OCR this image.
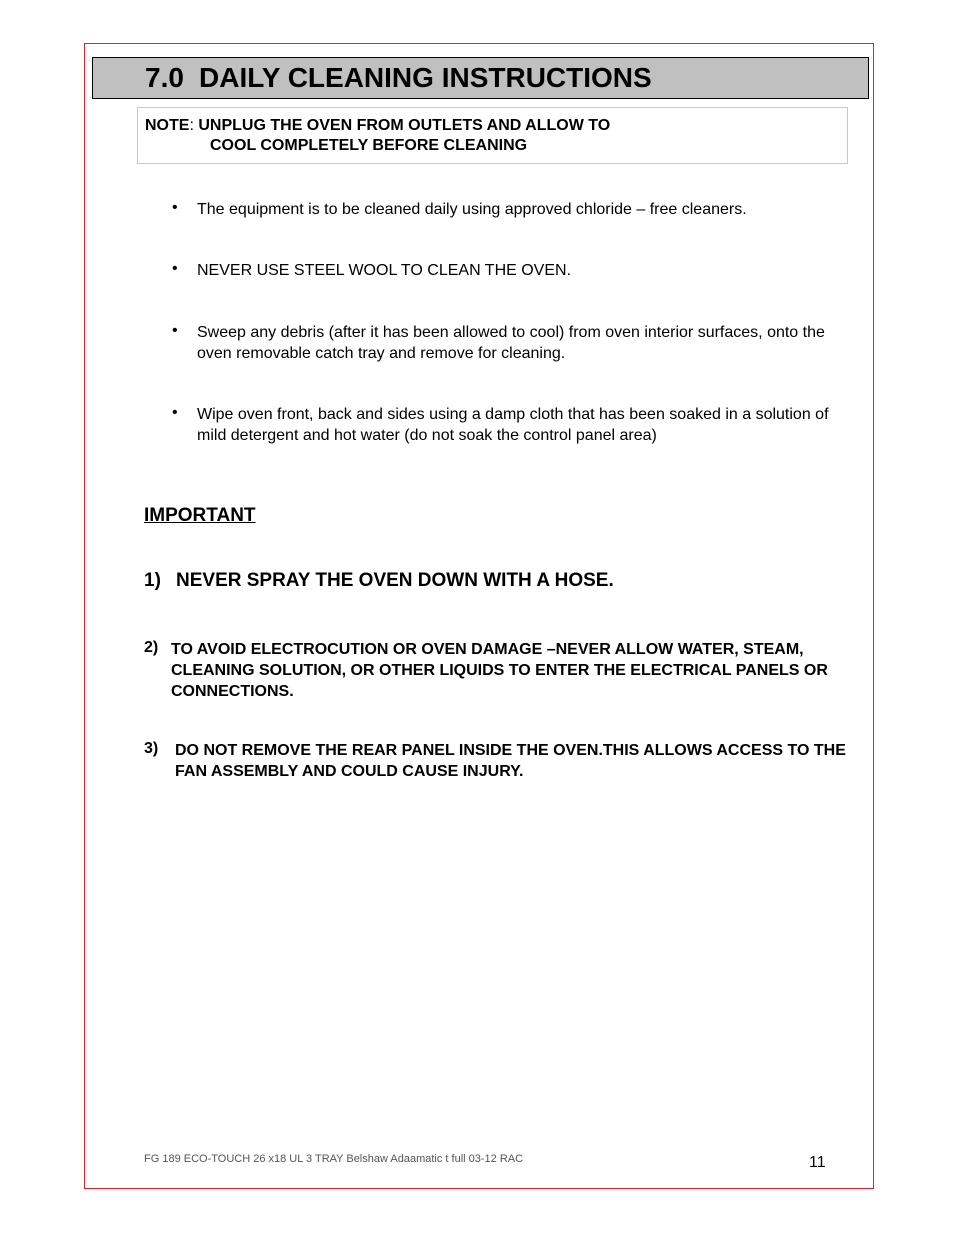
7.0 DAILY CLEANING INSTRUCTIONS
NOTE: UNPLUG THE OVEN FROM OUTLETS AND ALLOW TO
COOL COMPLETELY BEFORE CLEANING
• The equipment is to be cleaned daily using approved chloride – free cleaners.
• NEVER USE STEEL WOOL TO CLEAN THE OVEN.
• Sweep any debris (after it has been allowed to cool) from oven interior surfaces, onto the oven removable catch tray and remove for cleaning.
• Wipe oven front, back and sides using a damp cloth that has been soaked in a solution of mild detergent and hot water (do not soak the control panel area)
IMPORTANT
1) NEVER SPRAY THE OVEN DOWN WITH A HOSE.
2) TO AVOID ELECTROCUTION OR OVEN DAMAGE –NEVER ALLOW WATER, STEAM, CLEANING SOLUTION, OR OTHER LIQUIDS TO ENTER THE ELECTRICAL PANELS OR CONNECTIONS.
3) DO NOT REMOVE THE REAR PANEL INSIDE THE OVEN.THIS ALLOWS ACCESS TO THE FAN ASSEMBLY AND COULD CAUSE INJURY.
FG 189 ECO-TOUCH 26 x18 UL 3 TRAY Belshaw Adaamatic t full 03-12 RAC	11
